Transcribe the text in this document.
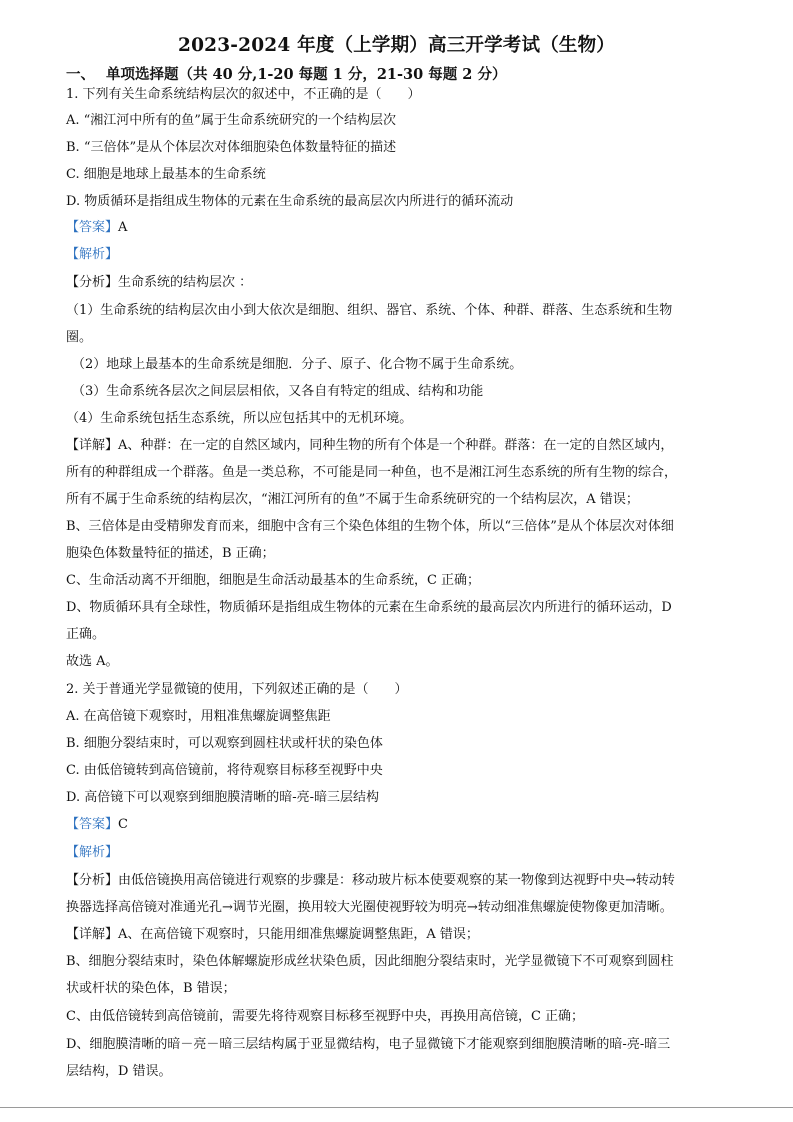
2023-2024 年度（上学期）高三开学考试（生物）
一、 单项选择题（共 40 分,1-20 每题 1 分，21-30 每题 2 分）
1. 下列有关生命系统结构层次的叙述中，不正确的是（　　）
A. “湘江河中所有的鱼”属于生命系统研究的一个结构层次
B. “三倍体”是从个体层次对体细胞染色体数量特征的描述
C. 细胞是地球上最基本的生命系统
D. 物质循环是指组成生物体的元素在生命系统的最高层次内所进行的循环流动
【答案】A
【解析】
【分析】生命系统的结构层次 ：
（1）生命系统的结构层次由小到大依次是细胞、组织、器官、系统、个体、种群、群落、生态系统和生物
圈。
（2）地球上最基本的生命系统是细胞．分子、原子、化合物不属于生命系统。
（3）生命系统各层次之间层层相依，又各自有特定的组成、结构和功能
（4）生命系统包括生态系统，所以应包括其中的无机环境。
【详解】A、种群：在一定的自然区域内，同种生物的所有个体是一个种群。群落：在一定的自然区域内，
所有的种群组成一个群落。鱼是一类总称，不可能是同一种鱼，也不是湘江河生态系统的所有生物的综合，
所有不属于生命系统的结构层次，“湘江河所有的鱼”不属于生命系统研究的一个结构层次，A 错误；
B、三倍体是由受精卵发育而来，细胞中含有三个染色体组的生物个体，所以“三倍体”是从个体层次对体细
胞染色体数量特征的描述，B 正确；
C、生命活动离不开细胞，细胞是生命活动最基本的生命系统，C 正确；
D、物质循环具有全球性，物质循环是指组成生物体的元素在生命系统的最高层次内所进行的循环运动，D
正确。
故选 A。
2. 关于普通光学显微镜的使用，下列叙述正确的是（　　）
A. 在高倍镜下观察时，用粗准焦螺旋调整焦距
B. 细胞分裂结束时，可以观察到圆柱状或杆状的染色体
C. 由低倍镜转到高倍镜前，将待观察目标移至视野中央
D. 高倍镜下可以观察到细胞膜清晰的暗-亮-暗三层结构
【答案】C
【解析】
【分析】由低倍镜换用高倍镜进行观察的步骤是：移动玻片标本使要观察的某一物像到达视野中央→转动转
换器选择高倍镜对准通光孔→调节光圈，换用较大光圈使视野较为明亮→转动细准焦螺旋使物像更加清晰。
【详解】A、在高倍镜下观察时，只能用细准焦螺旋调整焦距，A 错误；
B、细胞分裂结束时，染色体解螺旋形成丝状染色质，因此细胞分裂结束时，光学显微镜下不可观察到圆柱
状或杆状的染色体，B 错误；
C、由低倍镜转到高倍镜前，需要先将待观察目标移至视野中央，再换用高倍镜，C 正确；
D、细胞膜清晰的暗－亮－暗三层结构属于亚显微结构，电子显微镜下才能观察到细胞膜清晰的暗-亮-暗三
层结构，D 错误。
